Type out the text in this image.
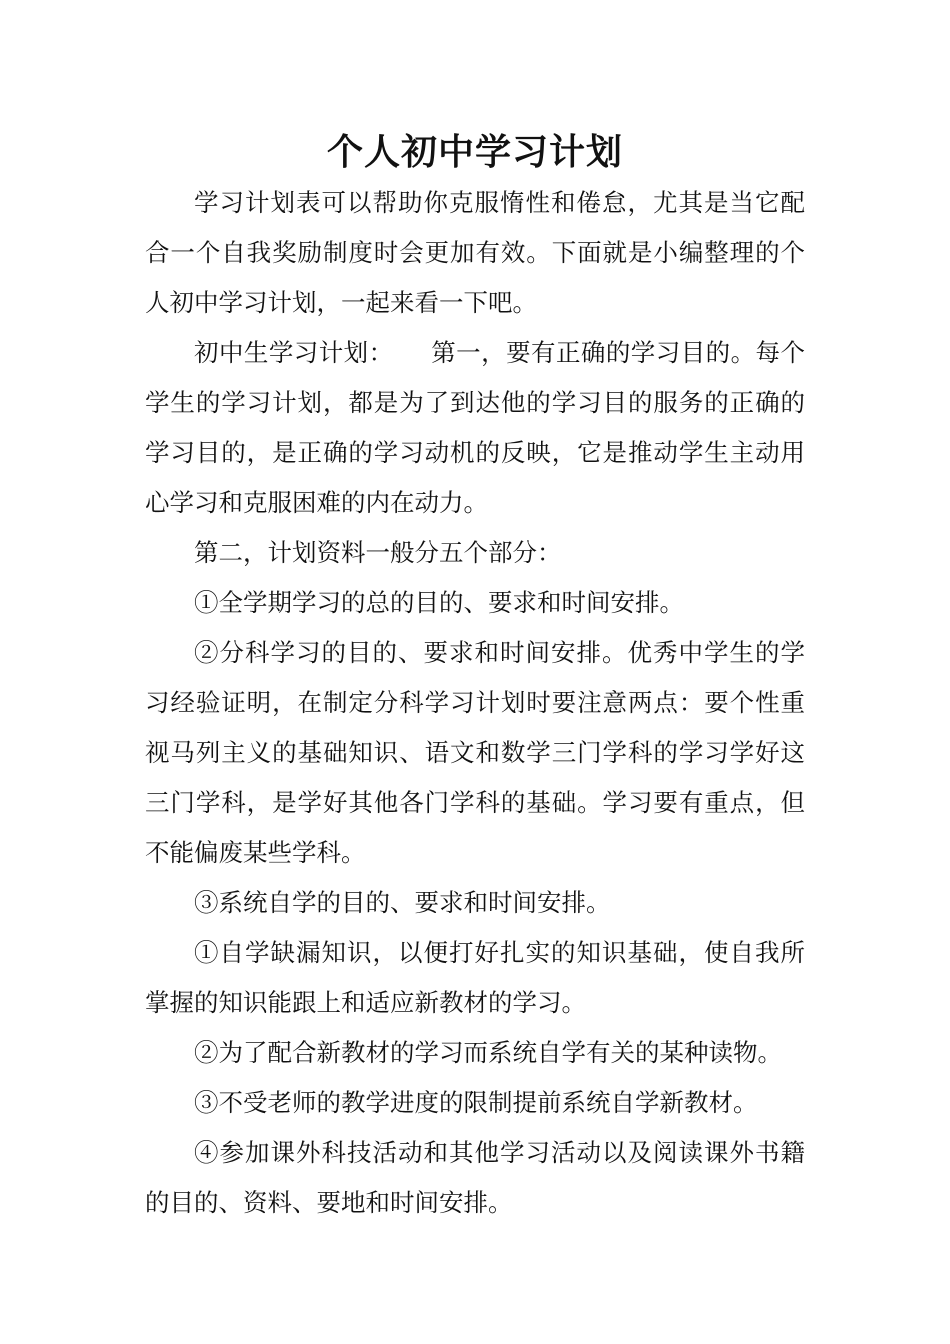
个人初中学习计划

学习计划表可以帮助你克服惰性和倦怠，尤其是当它配合一个自我奖励制度时会更加有效。下面就是小编整理的个人初中学习计划，一起来看一下吧。

初中生学习计划：　　第一，要有正确的学习目的。每个学生的学习计划，都是为了到达他的学习目的服务的正确的学习目的，是正确的学习动机的反映，它是推动学生主动用心学习和克服困难的内在动力。

第二，计划资料一般分五个部分：

①全学期学习的总的目的、要求和时间安排。

②分科学习的目的、要求和时间安排。优秀中学生的学习经验证明，在制定分科学习计划时要注意两点：要个性重视马列主义的基础知识、语文和数学三门学科的学习学好这三门学科，是学好其他各门学科的基础。学习要有重点，但不能偏废某些学科。

③系统自学的目的、要求和时间安排。

①自学缺漏知识，以便打好扎实的知识基础，使自我所掌握的知识能跟上和适应新教材的学习。

②为了配合新教材的学习而系统自学有关的某种读物。

③不受老师的教学进度的限制提前系统自学新教材。

④参加课外科技活动和其他学习活动以及阅读课外书籍的目的、资料、要地和时间安排。
